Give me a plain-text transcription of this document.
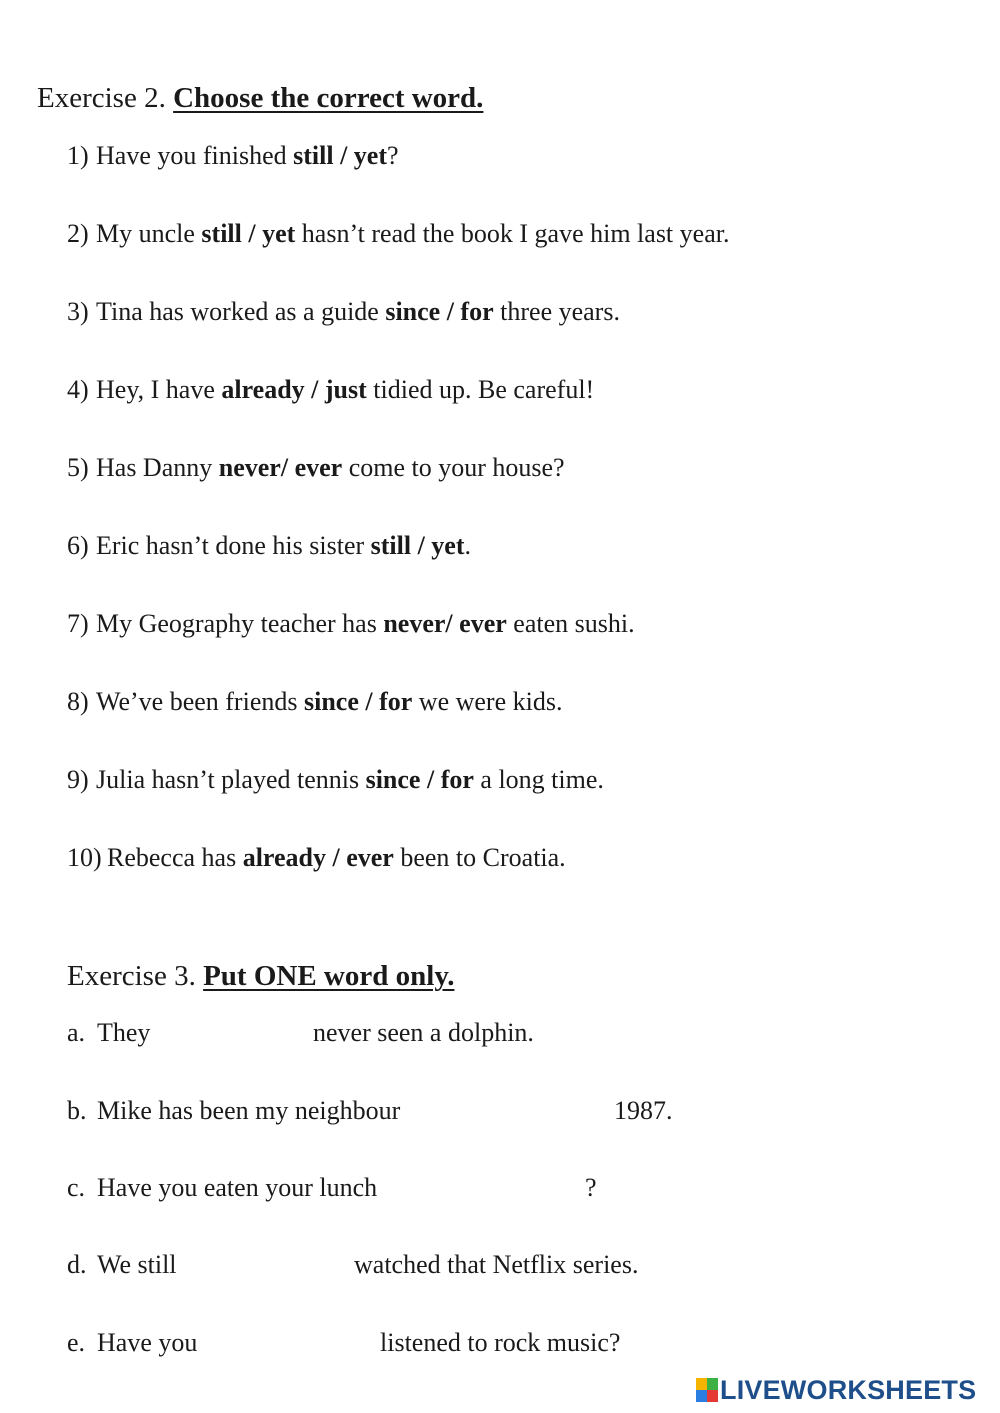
Exercise 2. Choose the correct word.
1) Have you finished still / yet?
2) My uncle still / yet hasn’t read the book I gave him last year.
3) Tina has worked as a guide since / for three years.
4) Hey, I have already / just tidied up. Be careful!
5) Has Danny never/ ever come to your house?
6) Eric hasn’t done his sister still / yet.
7) My Geography teacher has never/ ever eaten sushi.
8) We’ve been friends since / for we were kids.
9) Julia hasn’t played tennis since / for a long time.
10) Rebecca has already / ever been to Croatia.
Exercise 3. Put ONE word only.
a. They	never seen a dolphin.
b. Mike has been my neighbour	1987.
c. Have you eaten your lunch	?
d. We still	watched that Netflix series.
e. Have you	listened to rock music?
LIVEWORKSHEETS
